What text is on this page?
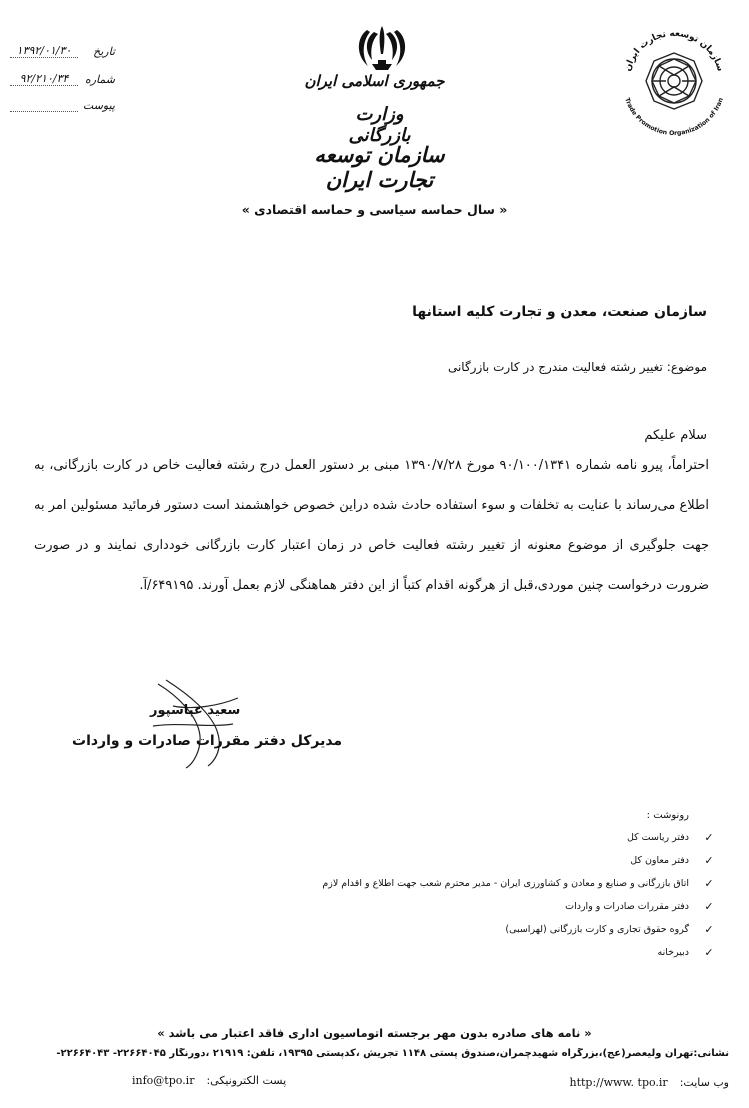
جمهوری اسلامی ایران
وزارت بازرگانی
سازمان توسعه تجارت ایران
سازمان توسعه تجارت ایران
Trade Promotion Organization of Iran
تاریخ
۱۳۹۲/۰۱/۳۰
شماره
۹۲/۲۱۰/۳۴
پیوست

« سال حماسه سیاسی و حماسه اقتصادی »
سازمان صنعت، معدن و تجارت کلیه استانها
موضوع:
تغییر رشته فعالیت مندرج در کارت بازرگانی
سلام علیکم
احتراماً، پیرو نامه شماره ۹۰/۱۰۰/۱۳۴۱ مورخ ۱۳۹۰/۷/۲۸ مبنی بر دستور العمل درج رشته فعالیت خاص در کارت بازرگانی، به اطلاع می‌رساند با عنایت به تخلفات و سوء استفاده حادث شده دراین خصوص خواهشمند است دستور فرمائید مسئولین امر به جهت جلوگیری از موضوع معنونه از تغییر رشته فعالیت خاص در زمان اعتبار کارت بازرگانی خودداری نمایند و در صورت ضرورت درخواست چنین موردی،قبل از هرگونه اقدام کتباً از این دفتر هماهنگی لازم بعمل آورند. ۶۴۹۱۹۵/آ.
سعید عباسپور
مدیرکل دفتر مقررات صادرات و واردات
رونوشت :
✓
دفتر ریاست کل
✓
دفتر معاون کل
✓
اتاق بازرگانی و صنایع و معادن و کشاورزی ایران - مدیر محترم شعب جهت اطلاع و اقدام لازم
✓
دفتر مقررات صادرات و واردات
✓
گروه حقوق تجاری و کارت بازرگانی (لهراسبی)
✓
دبیرخانه
« نامه های صادره بدون مهر برجسته اتوماسیون اداری فاقد اعتبار می باشد »
نشانی:تهران ولیعصر(عج)،بزرگراه شهیدچمران،صندوق پستی ۱۱۴۸ تجریش ،کدپستی ۱۹۳۹۵، تلفن: ۲۱۹۱۹ ،دورنگار ۲۲۶۶۴۰۴۵- ۲۲۶۶۴۰۴۳-
پست الکترونیکی:
info@tpo.ir	وب سایت:
http://www. tpo.ir
